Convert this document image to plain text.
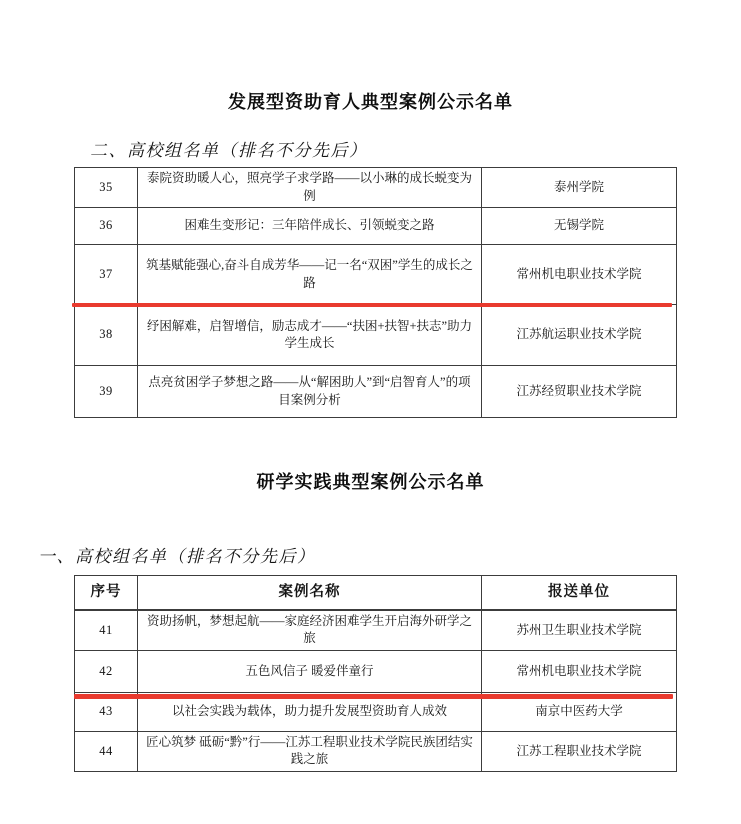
发展型资助育人典型案例公示名单
二、高校组名单（排名不分先后）
35	泰院资助暖人心，照亮学子求学路——以小琳的成长蜕变为例	泰州学院
36	困难生变形记：三年陪伴成长、引领蜕变之路	无锡学院
37	筑基赋能强心,奋斗自成芳华——记一名“双困”学生的成长之路	常州机电职业技术学院
38	纾困解难，启智增信，励志成才——“扶困+扶智+扶志”助力学生成长	江苏航运职业技术学院
39	点亮贫困学子梦想之路——从“解困助人”到“启智育人”的项目案例分析	江苏经贸职业技术学院
研学实践典型案例公示名单
一、高校组名单（排名不分先后）
序号	案例名称	报送单位
41	资助扬帆，梦想起航——家庭经济困难学生开启海外研学之旅	苏州卫生职业技术学院
42	五色风信子 暖爱伴童行	常州机电职业技术学院
43	以社会实践为载体，助力提升发展型资助育人成效	南京中医药大学
44	匠心筑梦 砥砺“黔”行——江苏工程职业技术学院民族团结实践之旅	江苏工程职业技术学院
